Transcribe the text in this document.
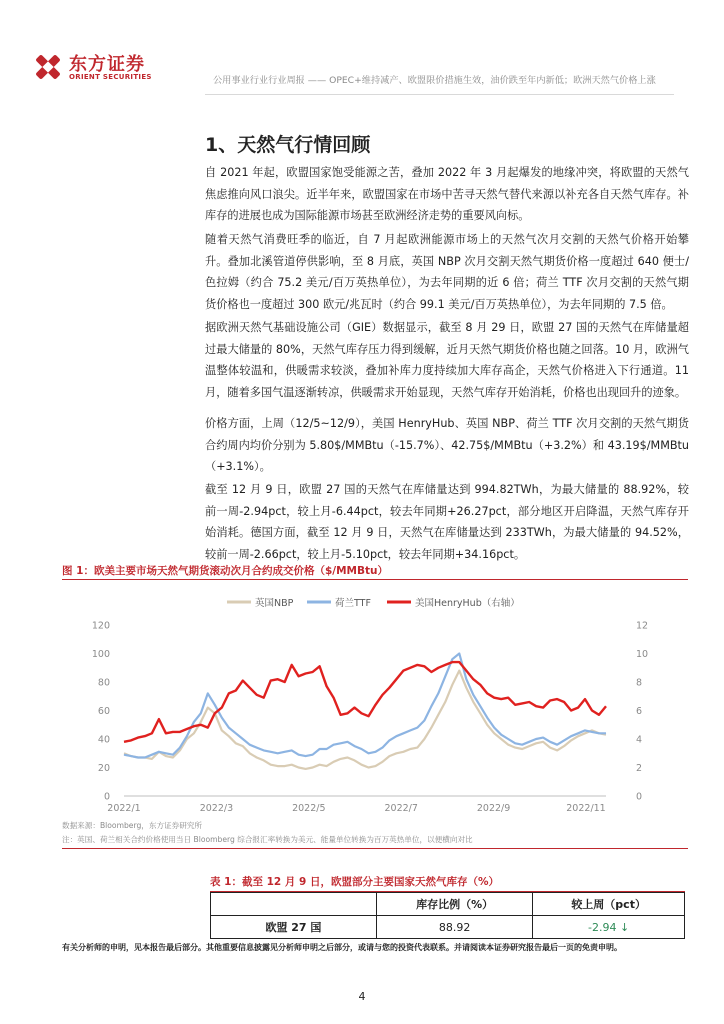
东方证券
ORIENT SECURITIES	公用事业行业行业周报 —— OPEC+维持减产、欧盟限价措施生效，油价跌至年内新低；欧洲天然气价格上涨
1、天然气行情回顾
自 2021 年起，欧盟国家饱受能源之苦，叠加 2022 年 3 月起爆发的地缘冲突，将欧盟的天然气焦虑推向风口浪尖。近半年来，欧盟国家在市场中苦寻天然气替代来源以补充各自天然气库存。补库存的进展也成为国际能源市场甚至欧洲经济走势的重要风向标。
随着天然气消费旺季的临近，自 7 月起欧洲能源市场上的天然气次月交割的天然气价格开始攀升。叠加北溪管道停供影响，至 8 月底，英国 NBP 次月交割天然气期货价格一度超过 640 便士/色拉姆（约合 75.2 美元/百万英热单位），为去年同期的近 6 倍；荷兰 TTF 次月交割的天然气期货价格也一度超过 300 欧元/兆瓦时（约合 99.1 美元/百万英热单位），为去年同期的 7.5 倍。
据欧洲天然气基础设施公司（GIE）数据显示，截至 8 月 29 日，欧盟 27 国的天然气在库储量超过最大储量的 80%，天然气库存压力得到缓解，近月天然气期货价格也随之回落。10 月，欧洲气温整体较温和，供暖需求较淡，叠加补库力度持续加大库存高企，天然气价格进入下行通道。11 月，随着多国气温逐渐转凉，供暖需求开始显现，天然气库存开始消耗，价格也出现回升的迹象。
价格方面，上周（12/5~12/9），美国 HenryHub、英国 NBP、荷兰 TTF 次月交割的天然气期货合约周内均价分别为 5.80$/MMBtu（-15.7%）、42.75$/MMBtu（+3.2%）和 43.19$/MMBtu（+3.1%）。
截至 12 月 9 日，欧盟 27 国的天然气在库储量达到 994.82TWh，为最大储量的 88.92%，较前一周-2.94pct，较上月-6.44pct，较去年同期+26.27pct，部分地区开启降温，天然气库存开始消耗。德国方面，截至 12 月 9 日，天然气在库储量达到 233TWh，为最大储量的 94.52%，较前一周-2.66pct，较上月-5.10pct，较去年同期+34.16pct。
图 1：欧美主要市场天然气期货滚动次月合约成交价格（$/MMBtu）
英国NBP	荷兰TTF	美国HenryHub（右轴）
0
20
40
60
80
100
120
0
2
4
6
8
10
12
2022/1	2022/3	2022/5	2022/7	2022/9	2022/11
数据来源：Bloomberg，东方证券研究所
注：英国、荷兰相关合约价格使用当日 Bloomberg 综合报汇率转换为美元、能量单位转换为百万英热单位，以便横向对比
表 1：截至 12 月 9 日，欧盟部分主要国家天然气库存（%）
	库存比例（%）	较上周（pct）
欧盟 27 国	88.92	-2.94 ↓
有关分析师的申明，见本报告最后部分。其他重要信息披露见分析师申明之后部分，或请与您的投资代表联系。并请阅读本证券研究报告最后一页的免责申明。
4
